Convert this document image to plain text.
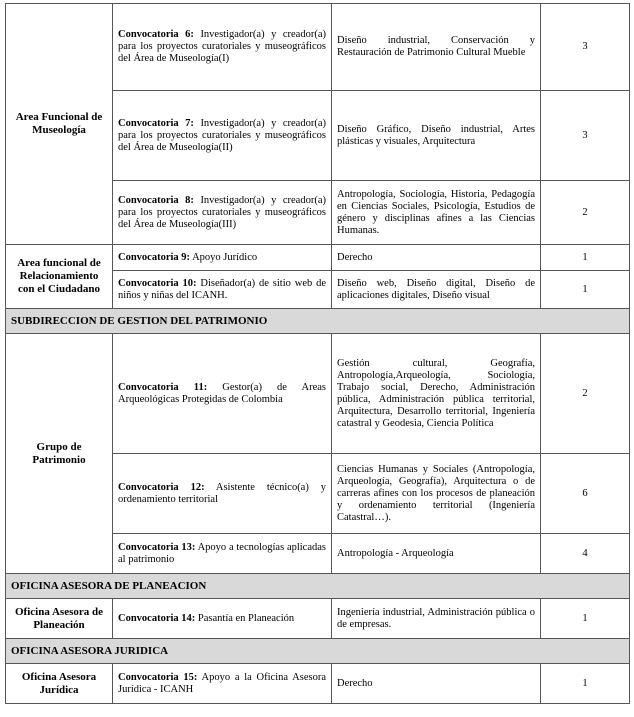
Area Funcional de Museología	Convocatoria 6: Investigador(a) y creador(a) para los proyectos curatoriales y museográficos del Área de Museología(I)	Diseño industrial, Conservación y Restauración de Patrimonio Cultural Mueble	3
	Convocatoria 7: Investigador(a) y creador(a) para los proyectos curatoriales y museográficos del Área de Museología(II)	Diseño Gráfico, Diseño industrial, Artes plásticas y visuales, Arquitectura	3
	Convocatoria 8: Investigador(a) y creador(a) para los proyectos curatoriales y museográficos del Área de Museología(III)	Antropología, Sociología, Historia, Pedagogía en Ciencias Sociales, Psicología, Estudios de género y disciplinas afines a las Ciencias Humanas.	2
Area funcional de Relacionamiento con el Ciudadano	Convocatoria 9: Apoyo Jurídico	Derecho	1
	Convocatoria 10: Diseñador(a) de sitio web de niños y niñas del ICANH.	Diseño web, Diseño digital, Diseño de aplicaciones digitales, Diseño visual	1
SUBDIRECCION DE GESTION DEL PATRIMONIO			
Grupo de Patrimonio	Convocatoria 11: Gestor(a) de Areas Arqueológicas Protegidas de Colombia	Gestión cultural, Geografía, Antropología,Arqueología, Sociología, Trabajo social, Derecho, Administración pública, Administración pública territorial, Arquitectura, Desarrollo territorial, Ingeniería catastral y Geodesia, Ciencia Política	2
	Convocatoria 12: Asistente técnico(a) y ordenamiento territorial	Ciencias Humanas y Sociales (Antropología, Arqueología, Geografía), Arquitectura o de carreras afines con los procesos de planeación y ordenamiento territorial (Ingeniería Catastral…).	6
	Convocatoria 13: Apoyo a tecnologías aplicadas al patrimonio	Antropología - Arqueología	4
OFICINA ASESORA DE PLANEACION			
Oficina Asesora de Planeación	Convocatoria 14: Pasantía en Planeación	Ingeniería industrial, Administración pública o de empresas.	1
OFICINA ASESORA JURIDICA			
Oficina Asesora Jurídica	Convocatoria 15: Apoyo a la Oficina Asesora Jurídica - ICANH	Derecho	1
